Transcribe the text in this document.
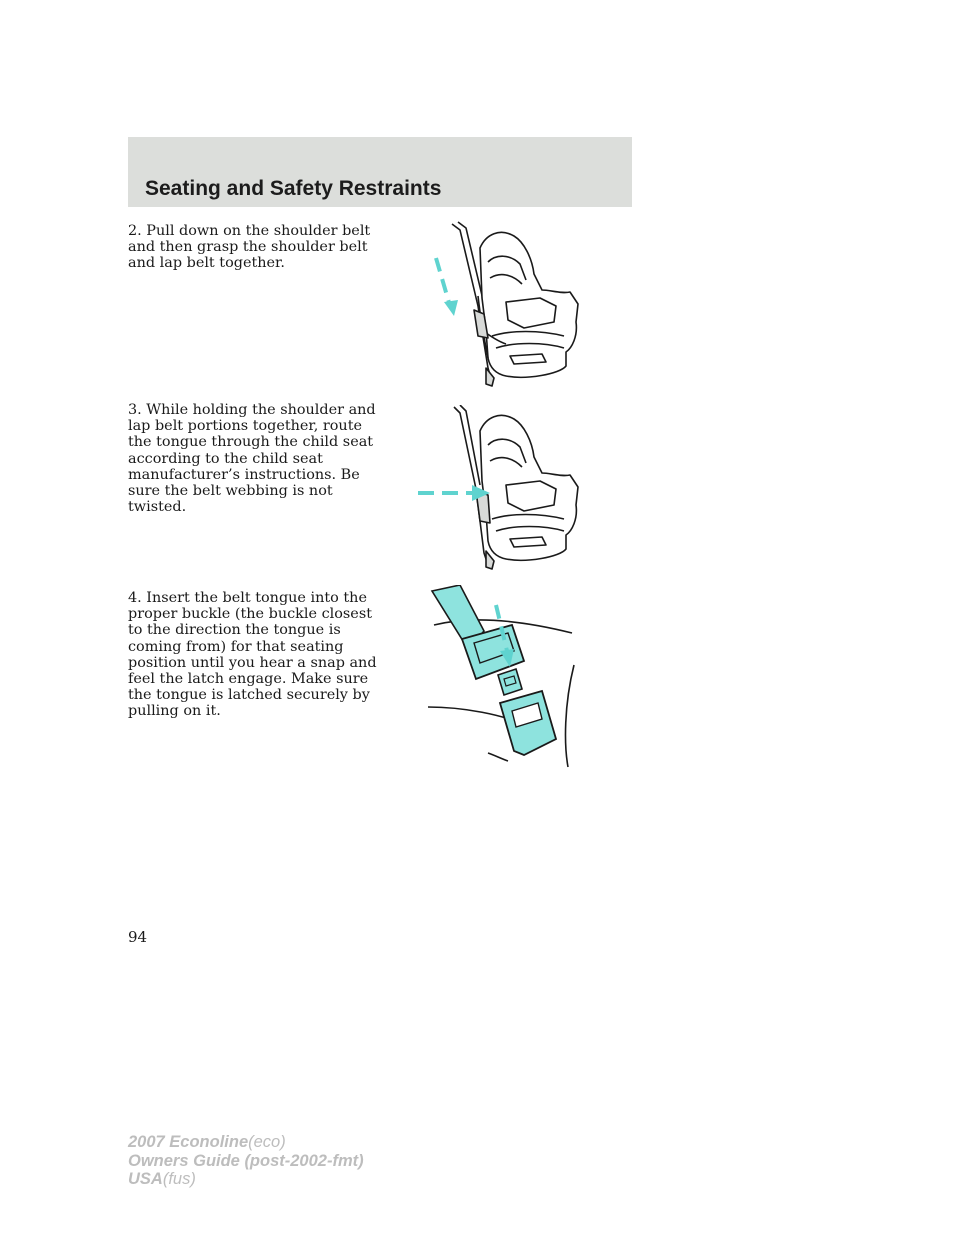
Seating and Safety Restraints

2. Pull down on the shoulder belt and then grasp the shoulder belt and lap belt together.

3. While holding the shoulder and lap belt portions together, route the tongue through the child seat according to the child seat manufacturer’s instructions. Be sure the belt webbing is not twisted.

4. Insert the belt tongue into the proper buckle (the buckle closest to the direction the tongue is coming from) for that seating position until you hear a snap and feel the latch engage. Make sure the tongue is latched securely by pulling on it.

94
2007 Econoline(eco)
Owners Guide (post-2002-fmt)
USA(fus)
